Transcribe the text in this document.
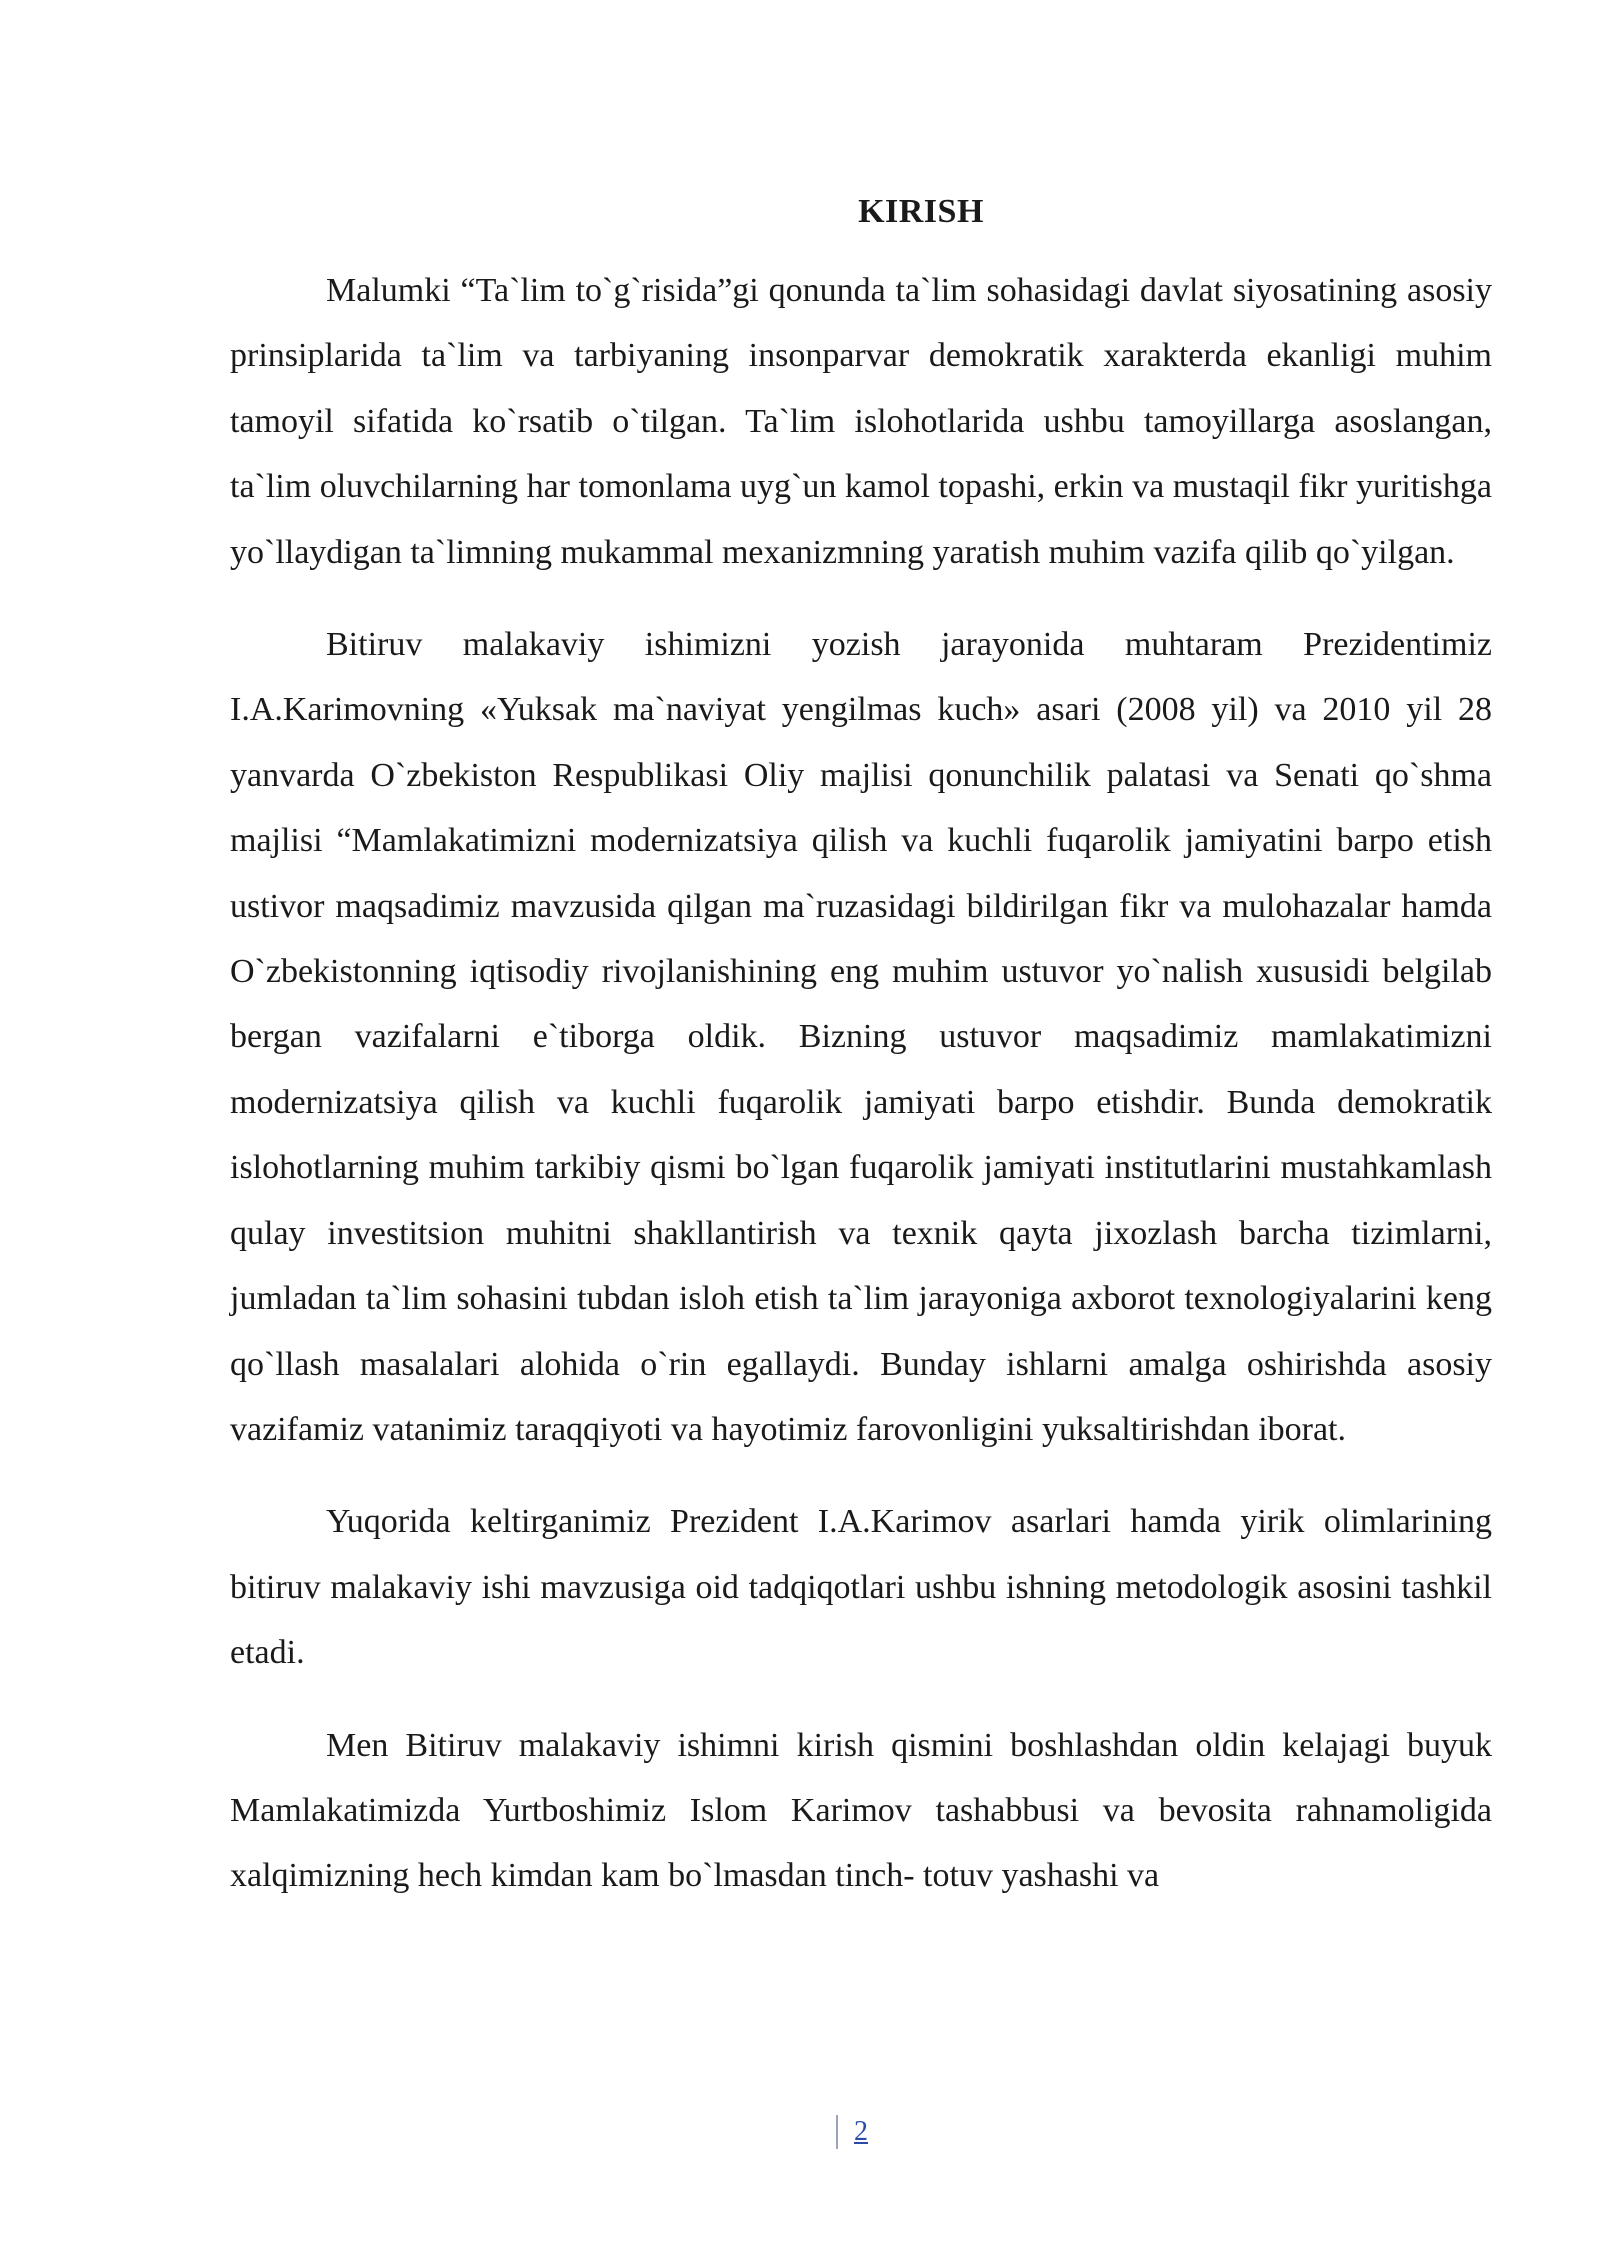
KIRISH

Malumki “Ta`lim to`g`risida”gi qonunda ta`lim sohasidagi davlat siyosatining asosiy prinsiplarida ta`lim va tarbiyaning insonparvar demokratik xarakterda ekanligi muhim tamoyil sifatida ko`rsatib o`tilgan. Ta`lim islohotlarida ushbu tamoyillarga asoslangan, ta`lim oluvchilarning har tomonlama uyg`un kamol topashi, erkin va mustaqil fikr yuritishga yo`llaydigan ta`limning mukammal mexanizmning yaratish muhim vazifa qilib qo`yilgan.

Bitiruv malakaviy ishimizni yozish jarayonida muhtaram Prezidentimiz I.A.Karimovning «Yuksak ma`naviyat yengilmas kuch» asari (2008 yil) va 2010 yil 28 yanvarda O`zbekiston Respublikasi Oliy majlisi qonunchilik palatasi va Senati qo`shma majlisi “Mamlakatimizni modernizatsiya qilish va kuchli fuqarolik jamiyatini barpo etish ustivor maqsadimiz mavzusida qilgan ma`ruzasidagi bildirilgan fikr va mulohazalar hamda O`zbekistonning iqtisodiy rivojlanishining eng muhim ustuvor yo`nalish xususidi belgilab bergan vazifalarni e`tiborga oldik. Bizning ustuvor maqsadimiz mamlakatimizni modernizatsiya qilish va kuchli fuqarolik jamiyati barpo etishdir. Bunda demokratik islohotlarning muhim tarkibiy qismi bo`lgan fuqarolik jamiyati institutlarini mustahkamlash qulay investitsion muhitni shakllantirish va texnik qayta jixozlash barcha tizimlarni, jumladan ta`lim sohasini tubdan isloh etish ta`lim jarayoniga axborot texnologiyalarini keng qo`llash masalalari alohida o`rin egallaydi. Bunday ishlarni amalga oshirishda asosiy vazifamiz vatanimiz taraqqiyoti va hayotimiz farovonligini yuksaltirishdan iborat.

Yuqorida keltirganimiz Prezident I.A.Karimov asarlari hamda yirik olimlarining bitiruv malakaviy ishi mavzusiga oid tadqiqotlari ushbu ishning metodologik asosini tashkil etadi.

Men Bitiruv malakaviy ishimni kirish qismini boshlashdan oldin kelajagi buyuk Mamlakatimizda Yurtboshimiz Islom Karimov tashabbusi va bevosita rahnamoligida xalqimizning hech kimdan kam bo`lmasdan tinch- totuv yashashi va

2
